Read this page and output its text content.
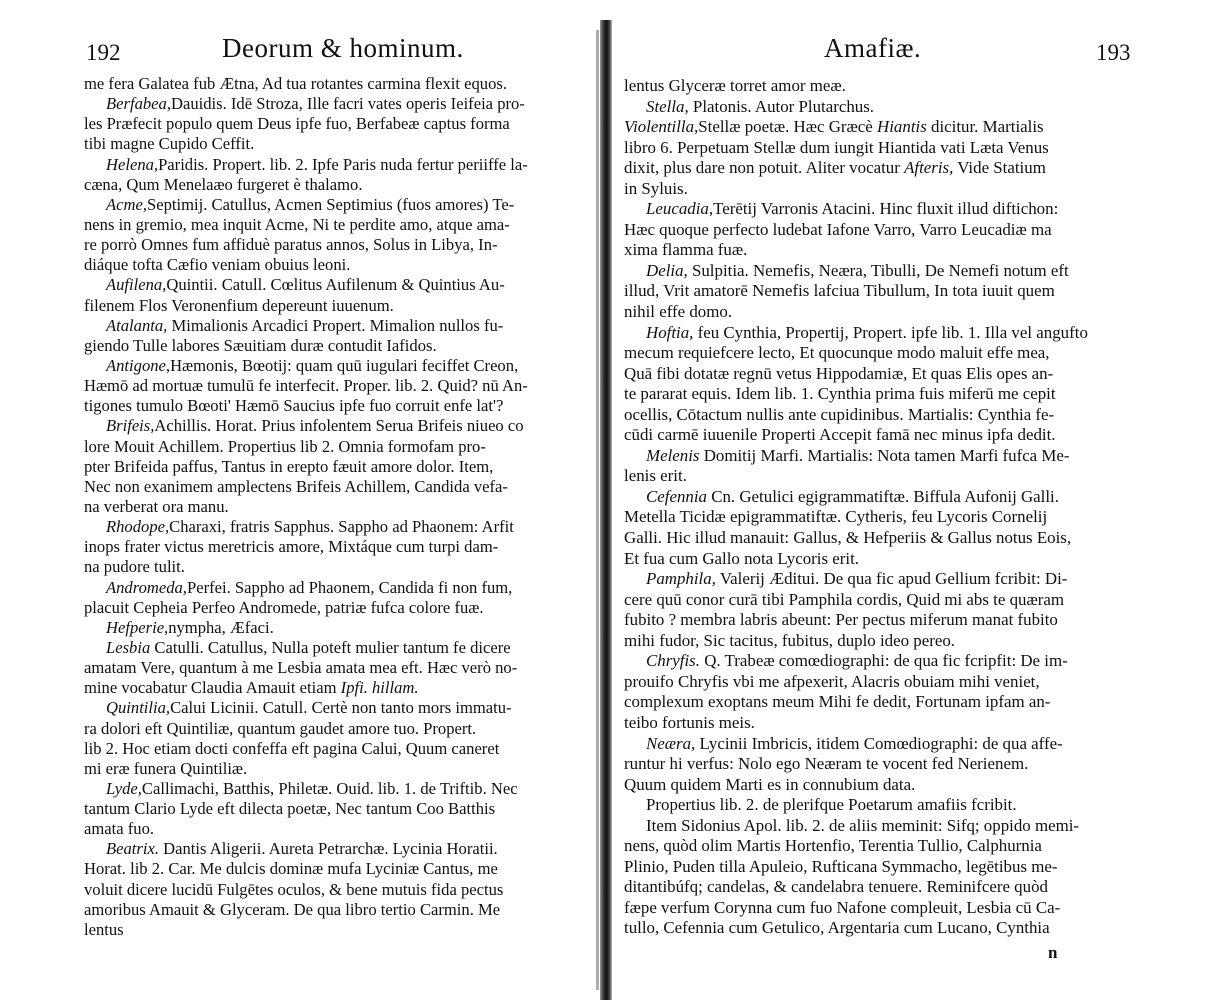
192	Deorum & hominum.
me fera Galatea fub Ætna, Ad tua rotantes carmina flexit equos.
Berfabea,Dauidis. Idē Stroza, Ille facri vates operis Ieifeia pro-
les Præfecit populo quem Deus ipfe fuo, Berfabeæ captus forma
tibi magne Cupido Ceffit.
Helena,Paridis. Propert. lib. 2. Ipfe Paris nuda fertur periiffe la-
cæna, Qum Menelaæo furgeret è thalamo.
Acme,Septimij. Catullus, Acmen Septimius (fuos amores) Te-
nens in gremio, mea inquit Acme, Ni te perdite amo, atque ama-
re porrò Omnes fum affiduè paratus annos, Solus in Libya, In-
diáque tofta Cæfio veniam obuius leoni.
Aufilena,Quintii. Catull. Cœlitus Aufilenum & Quintius Au-
filenem Flos Veronenfium depereunt iuuenum.
Atalanta, Mimalionis Arcadici Propert. Mimalion nullos fu-
giendo Tulle labores Sæuitiam duræ contudit Iafidos.
Antigone,Hæmonis, Bœotij: quam quū iugulari feciffet Creon,
Hæmō ad mortuæ tumulū fe interfecit. Proper. lib. 2. Quid? nū An-
tigones tumulo Bœoti' Hæmō Saucius ipfe fuo corruit enfe lat'?
Brifeis,Achillis. Horat. Prius infolentem Serua Brifeis niueo co
lore Mouit Achillem. Propertius lib 2. Omnia formofam pro-
pter Brifeida paffus, Tantus in erepto fæuit amore dolor. Item,
Nec non exanimem amplectens Brifeis Achillem, Candida vefa-
na verberat ora manu.
Rhodope,Charaxi, fratris Sapphus. Sappho ad Phaonem: Arfit
inops frater victus meretricis amore, Mixtáque cum turpi dam-
na pudore tulit.
Andromeda,Perfei. Sappho ad Phaonem, Candida fi non fum,
placuit Cepheia Perfeo Andromede, patriæ fufca colore fuæ.
Hefperie,nympha, Æfaci.
Lesbia Catulli. Catullus, Nulla poteft mulier tantum fe dicere
amatam Vere, quantum à me Lesbia amata mea eft. Hæc verò no-
mine vocabatur Claudia Amauit etiam Ipfi. hillam.
Quintilia,Calui Licinii. Catull. Certè non tanto mors immatu-
ra dolori eft Quintiliæ, quantum gaudet amore tuo. Propert.
lib 2. Hoc etiam docti confeffa eft pagina Calui, Quum caneret
mi eræ funera Quintiliæ.
Lyde,Callimachi, Batthis, Philetæ. Ouid. lib. 1. de Triftib. Nec
tantum Clario Lyde eft dilecta poetæ, Nec tantum Coo Batthis
amata fuo.
Beatrix. Dantis Aligerii. Aureta Petrarchæ. Lycinia Horatii.
Horat. lib 2. Car. Me dulcis dominæ mufa Lyciniæ Cantus, me
voluit dicere lucidū Fulgētes oculos, & bene mutuis fida pectus
amoribus Amauit & Glyceram. De qua libro tertio Carmin. Me
lentus
Amafiæ.	193
lentus Glyceræ torret amor meæ.
Stella, Platonis. Autor Plutarchus.
Violentilla,Stellæ poetæ. Hæc Græcè Hiantis dicitur. Martialis
libro 6. Perpetuam Stellæ dum iungit Hiantida vati Læta Venus
dixit, plus dare non potuit. Aliter vocatur Afteris, Vide Statium
in Syluis.
Leucadia,Terētij Varronis Atacini. Hinc fluxit illud diftichon:
Hæc quoque perfecto ludebat Iafone Varro, Varro Leucadiæ ma
xima flamma fuæ.
Delia, Sulpitia. Nemefis, Neæra, Tibulli, De Nemefi notum eft
illud, Vrit amatorē Nemefis lafciua Tibullum, In tota iuuit quem
nihil effe domo.
Hoftia, feu Cynthia, Propertij, Propert. ipfe lib. 1. Illa vel angufto
mecum requiefcere lecto, Et quocunque modo maluit effe mea,
Quā fibi dotatæ regnū vetus Hippodamiæ, Et quas Elis opes an-
te pararat equis. Idem lib. 1. Cynthia prima fuis miferū me cepit
ocellis, Cōtactum nullis ante cupidinibus. Martialis: Cynthia fe-
cūdi carmē iuuenile Properti Accepit famā nec minus ipfa dedit.
Melenis Domitij Marfi. Martialis: Nota tamen Marfi fufca Me-
lenis erit.
Cefennia Cn. Getulici egigrammatiftæ. Biffula Aufonij Galli.
Metella Ticidæ epigrammatiftæ. Cytheris, feu Lycoris Cornelij
Galli. Hic illud manauit: Gallus, & Hefperiis & Gallus notus Eois,
Et fua cum Gallo nota Lycoris erit.
Pamphila, Valerij Æditui. De qua fic apud Gellium fcribit: Di-
cere quū conor curā tibi Pamphila cordis, Quid mi abs te quæram
fubito ? membra labris abeunt: Per pectus miferum manat fubito
mihi fudor, Sic tacitus, fubitus, duplo ideo pereo.
Chryfis. Q. Trabeæ comœdiographi: de qua fic fcripfit: De im-
prouifo Chryfis vbi me afpexerit, Alacris obuiam mihi veniet,
complexum exoptans meum Mihi fe dedit, Fortunam ipfam an-
teibo fortunis meis.
Neæra, Lycinii Imbricis, itidem Comœdiographi: de qua affe-
runtur hi verfus: Nolo ego Neæram te vocent fed Nerienem.
Quum quidem Marti es in connubium data.
Propertius lib. 2. de plerifque Poetarum amafiis fcribit.
Item Sidonius Apol. lib. 2. de aliis meminit: Sifq; oppido memi-
nens, quòd olim Martis Hortenfio, Terentia Tullio, Calphurnia
Plinio, Puden tilla Apuleio, Rufticana Symmacho, legētibus me-
ditantibúfq; candelas, & candelabra tenuere. Reminifcere quòd
fæpe verfum Corynna cum fuo Nafone compleuit, Lesbia cū Ca-
tullo, Cefennia cum Getulico, Argentaria cum Lucano, Cynthia
n
